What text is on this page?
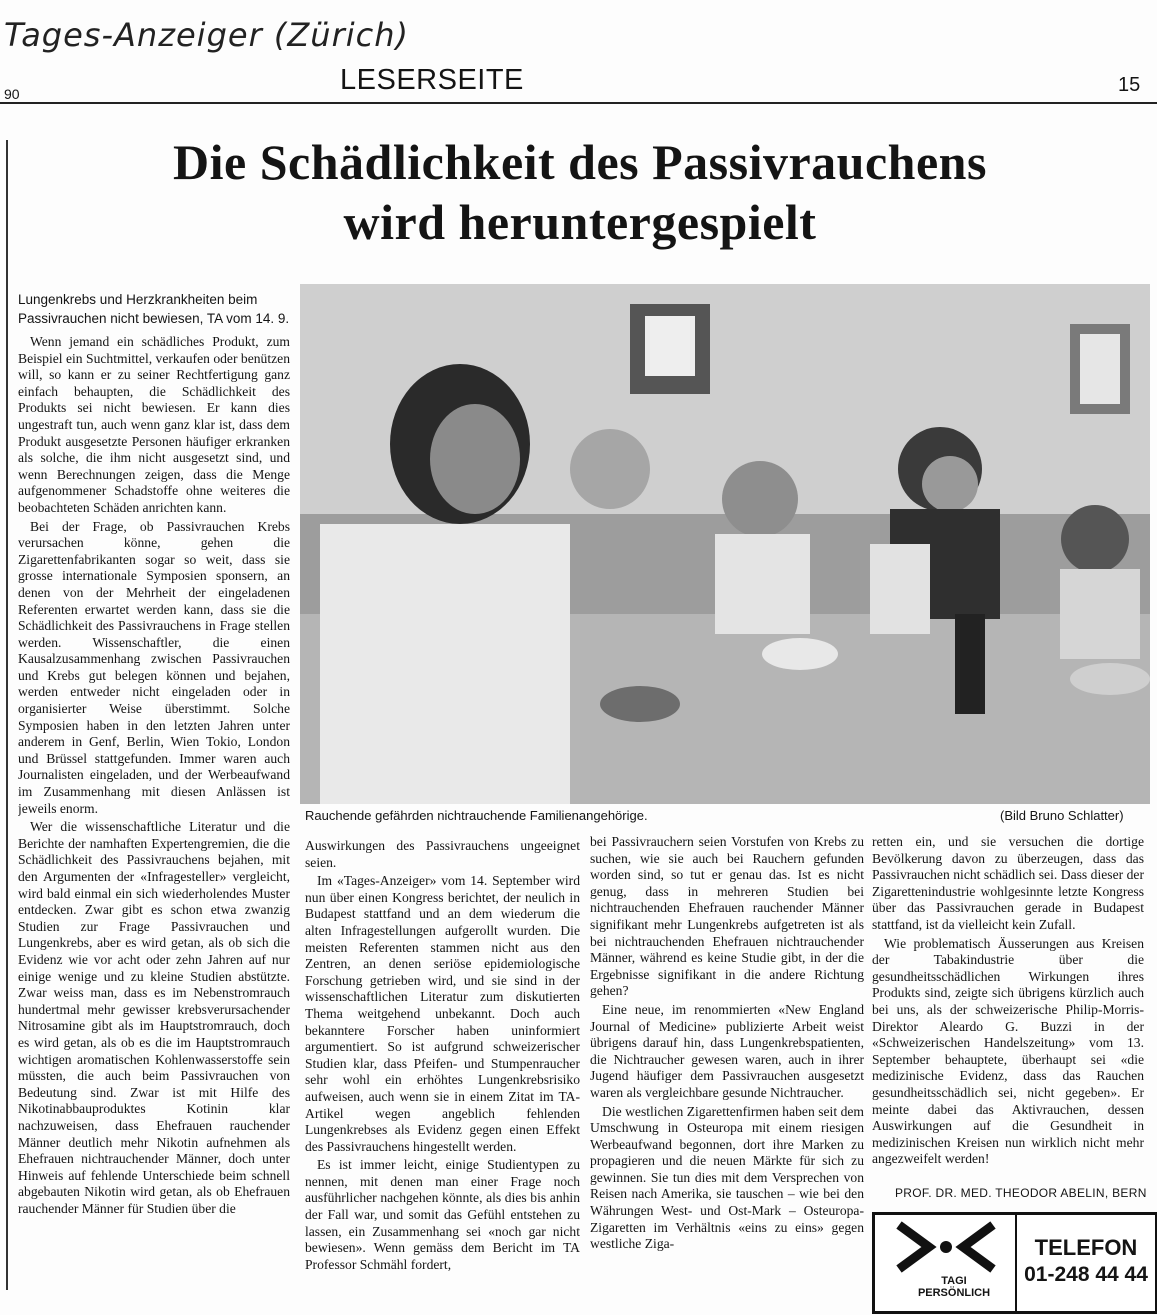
Tages-Anzeiger (Zürich)
90	LESERSEITE	15
Die Schädlichkeit des Passivrauchens
wird heruntergespielt
Lungenkrebs und Herzkrankheiten beim
Passivrauchen nicht bewiesen, TA vom 14. 9.

Wenn jemand ein schädliches Produkt, zum Beispiel ein Suchtmittel, verkaufen oder benützen will, so kann er zu seiner Rechtfertigung ganz einfach behaupten, die Schädlichkeit des Produkts sei nicht bewiesen. Er kann dies ungestraft tun, auch wenn ganz klar ist, dass dem Produkt ausgesetzte Personen häufiger erkranken als solche, die ihm nicht ausgesetzt sind, und wenn Berechnungen zeigen, dass die Menge aufgenommener Schadstoffe ohne weiteres die beobachteten Schäden anrichten kann.

Bei der Frage, ob Passivrauchen Krebs verursachen könne, gehen die Zigarettenfabrikanten sogar so weit, dass sie grosse internationale Symposien sponsern, an denen von der Mehrheit der eingeladenen Referenten erwartet werden kann, dass sie die Schädlichkeit des Passivrauchens in Frage stellen werden. Wissenschaftler, die einen Kausalzusammenhang zwischen Passivrauchen und Krebs gut belegen können und bejahen, werden entweder nicht eingeladen oder in organisierter Weise überstimmt. Solche Symposien haben in den letzten Jahren unter anderem in Genf, Berlin, Wien Tokio, London und Brüssel stattgefunden. Immer waren auch Journalisten eingeladen, und der Werbeaufwand im Zusammenhang mit diesen Anlässen ist jeweils enorm.

Wer die wissenschaftliche Literatur und die Berichte der namhaften Expertengremien, die die Schädlichkeit des Passivrauchens bejahen, mit den Argumenten der «Infragesteller» vergleicht, wird bald einmal ein sich wiederholendes Muster entdecken. Zwar gibt es schon etwa zwanzig Studien zur Frage Passivrauchen und Lungenkrebs, aber es wird getan, als ob sich die Evidenz wie vor acht oder zehn Jahren auf nur einige wenige und zu kleine Studien abstützte. Zwar weiss man, dass es im Nebenstromrauch hundertmal mehr gewisser krebsverursachender Nitrosamine gibt als im Hauptstromrauch, doch es wird getan, als ob es die im Hauptstromrauch wichtigen aromatischen Kohlenwasserstoffe sein müssten, die auch beim Passivrauchen von Bedeutung sind. Zwar ist mit Hilfe des Nikotinabbauproduktes Kotinin klar nachzuweisen, dass Ehefrauen rauchender Männer deutlich mehr Nikotin aufnehmen als Ehefrauen nichtrauchender Männer, doch unter Hinweis auf fehlende Unterschiede beim schnell abgebauten Nikotin wird getan, als ob Ehefrauen rauchender Männer für Studien über die

Rauchende gefährden nichtrauchende Familienangehörige.	(Bild Bruno Schlatter)

Auswirkungen des Passivrauchens ungeeignet seien.

Im «Tages-Anzeiger» vom 14. September wird nun über einen Kongress berichtet, der neulich in Budapest stattfand und an dem wiederum die alten Infragestellungen aufgerollt wurden. Die meisten Referenten stammen nicht aus den Zentren, an denen seriöse epidemiologische Forschung getrieben wird, und sie sind in der wissenschaftlichen Literatur zum diskutierten Thema weitgehend unbekannt. Doch auch bekanntere Forscher haben uninformiert argumentiert. So ist aufgrund schweizerischer Studien klar, dass Pfeifen- und Stumpenraucher sehr wohl ein erhöhtes Lungenkrebsrisiko aufweisen, auch wenn sie in einem Zitat im TA-Artikel wegen angeblich fehlenden Lungenkrebses als Evidenz gegen einen Effekt des Passivrauchens hingestellt werden.

Es ist immer leicht, einige Studientypen zu nennen, mit denen man einer Frage noch ausführlicher nachgehen könnte, als dies bis anhin der Fall war, und somit das Gefühl entstehen zu lassen, ein Zusammenhang sei «noch gar nicht bewiesen». Wenn gemäss dem Bericht im TA Professor Schmähl fordert,

bei Passivrauchern seien Vorstufen von Krebs zu suchen, wie sie auch bei Rauchern gefunden worden sind, so tut er genau das. Ist es nicht genug, dass in mehreren Studien bei nichtrauchenden Ehefrauen rauchender Männer signifikant mehr Lungenkrebs aufgetreten ist als bei nichtrauchenden Ehefrauen nichtrauchender Männer, während es keine Studie gibt, in der die Ergebnisse signifikant in die andere Richtung gehen?

Eine neue, im renommierten «New England Journal of Medicine» publizierte Arbeit weist übrigens darauf hin, dass Lungenkrebspatienten, die Nichtraucher gewesen waren, auch in ihrer Jugend häufiger dem Passivrauchen ausgesetzt waren als vergleichbare gesunde Nichtraucher.

Die westlichen Zigarettenfirmen haben seit dem Umschwung in Osteuropa mit einem riesigen Werbeaufwand begonnen, dort ihre Marken zu propagieren und die neuen Märkte für sich zu gewinnen. Sie tun dies mit dem Versprechen von Reisen nach Amerika, sie tauschen – wie bei den Währungen West- und Ost-Mark – Osteuropa-Zigaretten im Verhältnis «eins zu eins» gegen westliche Ziga-

retten ein, und sie versuchen die dortige Bevölkerung davon zu überzeugen, dass das Passivrauchen nicht schädlich sei. Dass dieser der Zigarettenindustrie wohlgesinnte letzte Kongress über das Passivrauchen gerade in Budapest stattfand, ist da vielleicht kein Zufall.

Wie problematisch Äusserungen aus Kreisen der Tabakindustrie über die gesundheitsschädlichen Wirkungen ihres Produkts sind, zeigte sich übrigens kürzlich auch bei uns, als der schweizerische Philip-Morris-Direktor Aleardo G. Buzzi in der «Schweizerischen Handelszeitung» vom 13. September behauptete, überhaupt sei «die medizinische Evidenz, dass das Rauchen gesundheitsschädlich sei, nicht gegeben». Er meinte dabei das Aktivrauchen, dessen Auswirkungen auf die Gesundheit in medizinischen Kreisen nun wirklich nicht mehr angezweifelt werden!

PROF. DR. MED. THEODOR ABELIN, BERN
TAGI
PERSÖNLICH
TELEFON
01-248 44 44
